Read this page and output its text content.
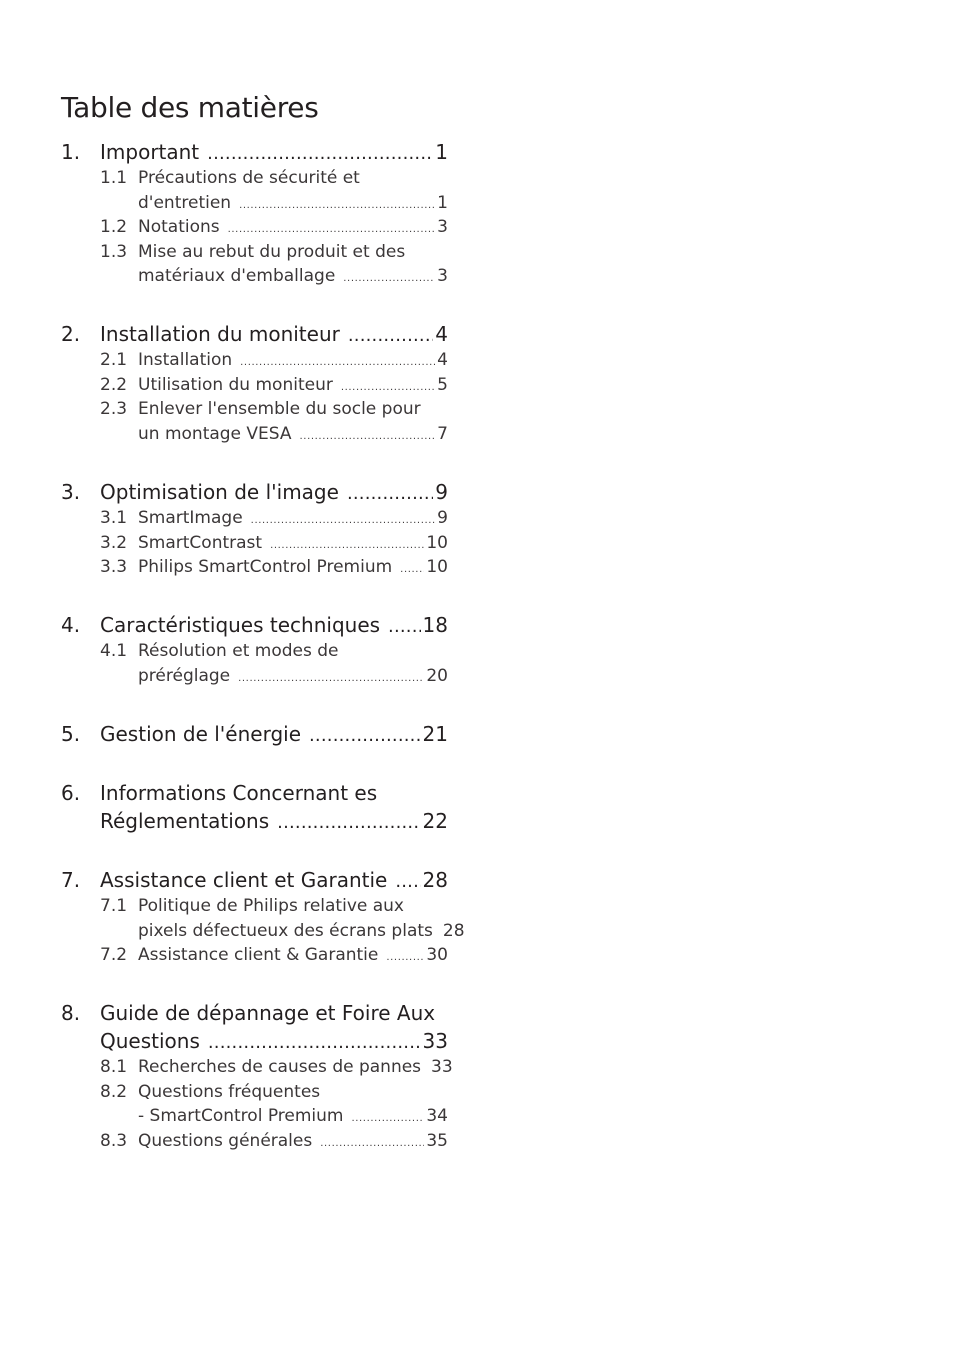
Table des matières
1. Important .....	1
1.1 Précautions de sécurité et
d'entretien .....	1
1.2 Notations .....	3
1.3 Mise au rebut du produit et des
matériaux d'emballage .....	3
2. Installation du moniteur .....	4
2.1 Installation .....	4
2.2 Utilisation du moniteur .....	5
2.3 Enlever l'ensemble du socle pour
un montage VESA .....	7
3. Optimisation de l'image .....	9
3.1 SmartImage .....	9
3.2 SmartContrast .....	10
3.3 Philips SmartControl Premium ..... 10
4. Caractéristiques techniques ..... 18
4.1 Résolution et modes de
préréglage .....	20
5. Gestion de l'énergie .....	21
6. Informations Concernant es
Réglementations .....	22
7. Assistance client et Garantie ..... 28
7.1 Politique de Philips relative aux
pixels défectueux des écrans plats 28
7.2 Assistance client & Garantie .....	30
8. Guide de dépannage et Foire Aux
Questions .....	33
8.1 Recherches de causes de pannes 33
8.2 Questions fréquentes
- SmartControl Premium .....	34
8.3 Questions générales .....	35
